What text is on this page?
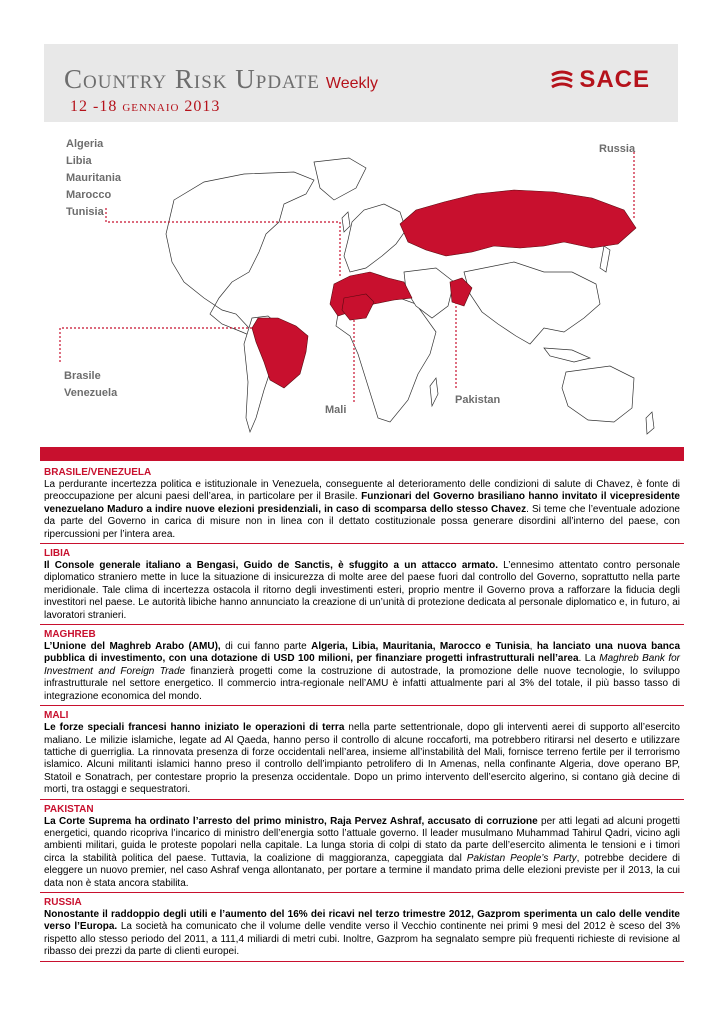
Country Risk Update Weekly
12 -18 gennaio 2013
SACE
Algeria
Libia
Mauritania
Marocco
Tunisia
Russia
Brasile
Venezuela
Mali
Pakistan
BRASILE/VENEZUELA
La perdurante incertezza politica e istituzionale in Venezuela, conseguente al deterioramento delle condizioni di salute di Chavez, è fonte di preoccupazione per alcuni paesi dell’area, in particolare per il Brasile. Funzionari del Governo brasiliano hanno invitato il vicepresidente venezuelano Maduro a indire nuove elezioni presidenziali, in caso di scomparsa dello stesso Chavez. Si teme che l’eventuale adozione da parte del Governo in carica di misure non in linea con il dettato costituzionale possa generare disordini all’interno del paese, con ripercussioni per l’intera area.
LIBIA
Il Console generale italiano a Bengasi, Guido de Sanctis, è sfuggito a un attacco armato. L’ennesimo attentato contro personale diplomatico straniero mette in luce la situazione di insicurezza di molte aree del paese fuori dal controllo del Governo, soprattutto nella parte meridionale. Tale clima di incertezza ostacola il ritorno degli investimenti esteri, proprio mentre il Governo prova a rafforzare la fiducia degli investitori nel paese. Le autorità libiche hanno annunciato la creazione di un’unità di protezione dedicata al personale diplomatico e, in futuro, ai lavoratori stranieri.
MAGHREB
L’Unione del Maghreb Arabo (AMU), di cui fanno parte Algeria, Libia, Mauritania, Marocco e Tunisia, ha lanciato una nuova banca pubblica di investimento, con una dotazione di USD 100 milioni, per finanziare progetti infrastrutturali nell’area. La Maghreb Bank for Investment and Foreign Trade finanzierà progetti come la costruzione di autostrade, la promozione delle nuove tecnologie, lo sviluppo infrastrutturale nel settore energetico. Il commercio intra-regionale nell’AMU è infatti attualmente pari al 3% del totale, il più basso tasso di integrazione economica del mondo.
MALI
Le forze speciali francesi hanno iniziato le operazioni di terra nella parte settentrionale, dopo gli interventi aerei di supporto all’esercito maliano. Le milizie islamiche, legate ad Al Qaeda, hanno perso il controllo di alcune roccaforti, ma potrebbero ritirarsi nel deserto e utilizzare tattiche di guerriglia. La rinnovata presenza di forze occidentali nell’area, insieme all’instabilità del Mali, fornisce terreno fertile per il terrorismo islamico. Alcuni militanti islamici hanno preso il controllo dell’impianto petrolifero di In Amenas, nella confinante Algeria, dove operano BP, Statoil e Sonatrach, per contestare proprio la presenza occidentale. Dopo un primo intervento dell’esercito algerino, si contano già decine di morti, tra ostaggi e sequestratori.
PAKISTAN
La Corte Suprema ha ordinato l’arresto del primo ministro, Raja Pervez Ashraf, accusato di corruzione per atti legati ad alcuni progetti energetici, quando ricopriva l’incarico di ministro dell’energia sotto l’attuale governo. Il leader musulmano Muhammad Tahirul Qadri, vicino agli ambienti militari, guida le proteste popolari nella capitale. La lunga storia di colpi di stato da parte dell’esercito alimenta le tensioni e i timori circa la stabilità politica del paese. Tuttavia, la coalizione di maggioranza, capeggiata dal Pakistan People’s Party, potrebbe decidere di eleggere un nuovo premier, nel caso Ashraf venga allontanato, per portare a termine il mandato prima delle elezioni previste per il 2013, la cui data non è stata ancora stabilita.
RUSSIA
Nonostante il raddoppio degli utili e l’aumento del 16% dei ricavi nel terzo trimestre 2012, Gazprom sperimenta un calo delle vendite verso l’Europa. La società ha comunicato che il volume delle vendite verso il Vecchio continente nei primi 9 mesi del 2012 è sceso del 3% rispetto allo stesso periodo del 2011, a 111,4 miliardi di metri cubi. Inoltre, Gazprom ha segnalato sempre più frequenti richieste di revisione al ribasso dei prezzi da parte di clienti europei.
